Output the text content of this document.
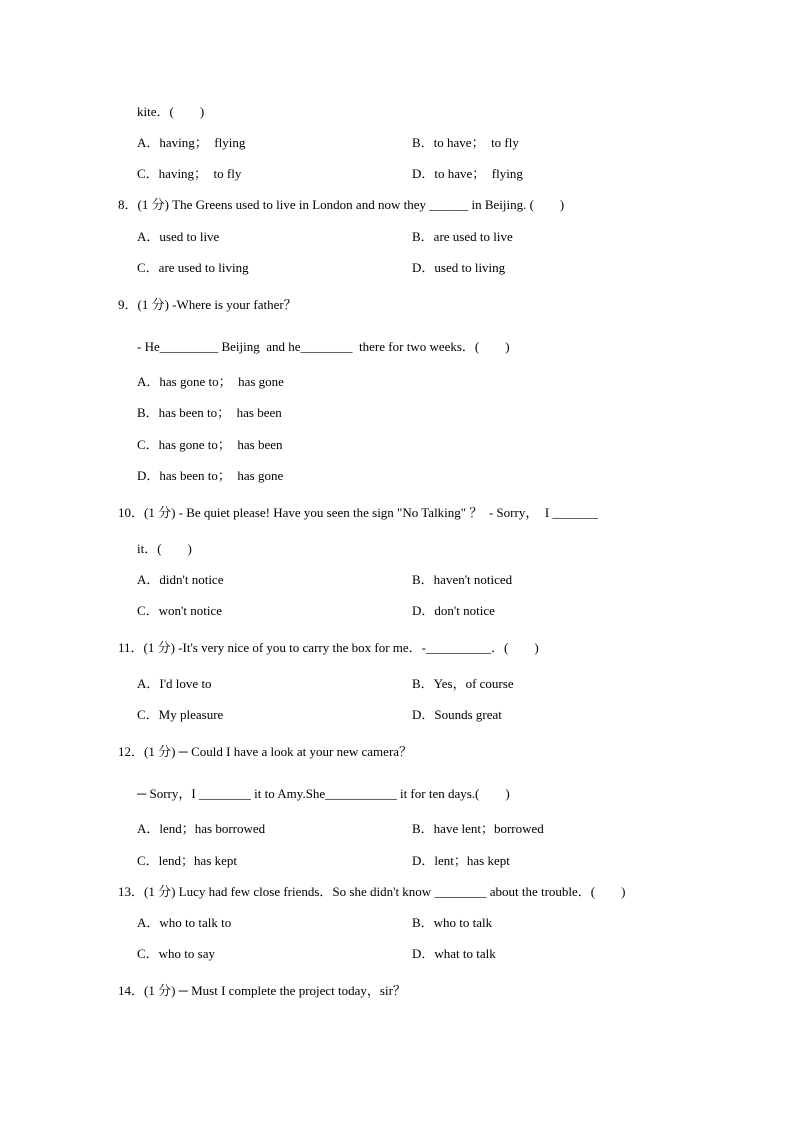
kite．(　　)
A．having；  flying	B．to have；  to fly
C．having；  to fly	D．to have；  flying
8．(1 分) The Greens used to live in London and now they ______ in Beijing. (　　)
A．used to live	B．are used to live
C．are used to living	D．used to living
9．(1 分) -Where is your father？
- He_________ Beijing  and he________  there for two weeks．(　　)
A．has gone to；  has gone
B．has been to；  has been
C．has gone to；  has been
D．has been to；  has gone
10．(1 分) - Be quiet please! Have you seen the sign "No Talking" ？  - Sorry，  I _______
it．(　　)
A．didn't notice	B．haven't noticed
C．won't notice	D．don't notice
11．(1 分) -It's very nice of you to carry the box for me．-__________．(　　)
A．I'd love to	B．Yes，of course
C．My pleasure	D．Sounds great
12．(1 分) ─ Could I have a look at your new camera？
─ Sorry，I ________ it to Amy.She___________ it for ten days.(　　)
A．lend；has borrowed	B．have lent；borrowed
C．lend；has kept	D．lent；has kept
13．(1 分) Lucy had few close friends．So she didn't know ________ about the trouble．(　　)
A．who to talk to	B．who to talk
C．who to say	D．what to talk
14．(1 分) ─ Must I complete the project today，sir？
